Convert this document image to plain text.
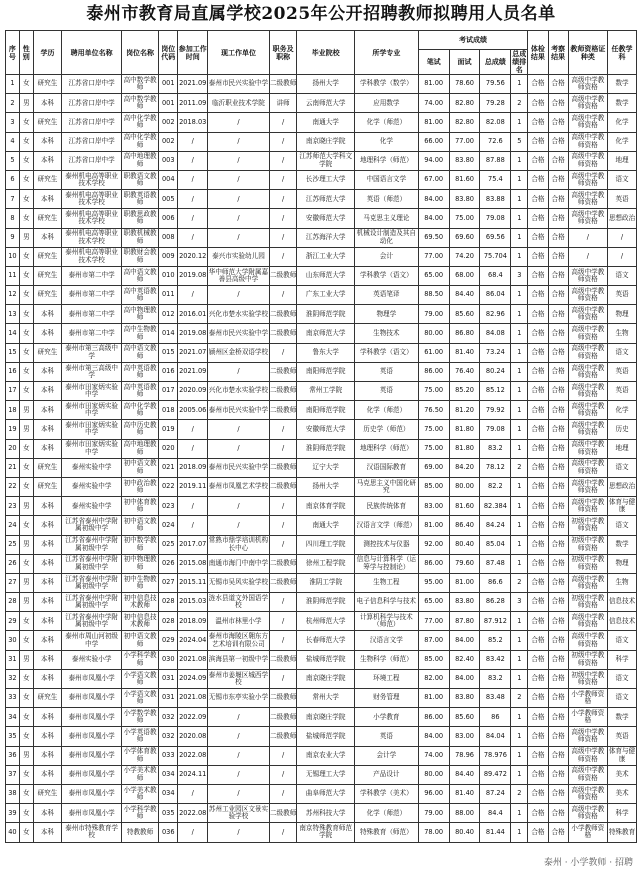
泰州市教育局直属学校2025年公开招聘教师拟聘用人员名单
序号	性别	学历	聘用单位名称	岗位名称	岗位代码	参加工作时间	现工作单位	职务及职称	毕业院校	所学专业	考试成绩				体检结果	考察结果	教师资格证种类	任教学科
											笔试	面试	总成绩	总成绩排名				
1	女	研究生	江苏省口岸中学	高中数学教师	001	2021.09	泰州市民兴实验中学	二级教师	扬州大学	学科教学（数学）	81.00	78.60	79.56	1	合格	合格	高级中学教师资格	数学
2	男	本科	江苏省口岸中学	高中数学教师	001	2011.09	临沂职业技术学院	讲师	云南师范大学	应用数学	74.00	82.80	79.28	2	合格	合格	高级中学教师资格	数学
3	女	研究生	江苏省口岸中学	高中化学教师	002	2018.03	/	/	南通大学	化学（师范）	81.00	82.80	82.08	1	合格	合格	高级中学教师资格	化学
4	女	本科	江苏省口岸中学	高中化学教师	002	/	/	/	南京晓庄学院	化学	66.00	77.00	72.6	5	合格	合格	高级中学教师资格	化学
5	女	本科	江苏省口岸中学	高中地理教师	003	/	/	/	江苏师范大学科文学院	地理科学（师范）	94.00	83.80	87.88	1	合格	合格	高级中学教师资格	地理
6	女	研究生	泰州机电高等职业技术学校	职教语文教师	004	/	/	/	长沙理工大学	中国语言文学	67.00	81.60	75.4	1	合格	合格	高级中学教师资格	语文
7	女	本科	泰州机电高等职业技术学校	职教英语教师	005	/	/	/	江苏师范大学	英语（师范）	84.00	83.80	83.88	1	合格	合格	高级中学教师资格	英语
8	女	研究生	泰州机电高等职业技术学校	职教思政教师	006	/	/	/	安徽师范大学	马克思主义理论	84.00	75.00	79.08	1	合格	合格	高级中学教师资格	思想政治
9	男	本科	泰州机电高等职业技术学校	职教机械教师	008	/	/	/	江苏海洋大学	机械设计制造及其自动化	69.50	69.60	69.56	1	合格	合格	/	/
10	女	研究生	泰州机电高等职业技术学校	职教财会教师	009	2020.12	泰兴市实验幼儿园	/	浙江工业大学	会计	77.00	74.20	75.704	1	合格	合格	/	/
11	女	研究生	泰州市第二中学	高中语文教师	010	2019.08	华中师范大学附属嘉善县高级中学	二级教师	山东师范大学	学科教学（语文）	65.00	68.00	68.4	3	合格	合格	高级中学教师资格	语文
12	女	研究生	泰州市第二中学	高中英语教师	011	/	/	/	广东工业大学	英语笔译	88.50	84.40	86.04	1	合格	合格	高级中学教师资格	英语
13	女	本科	泰州市第二中学	高中物理教师	012	2016.01	兴化市楚水实验学校	二级教师	淮阴师范学院	物理学	79.00	85.60	82.96	1	合格	合格	高级中学教师资格	物理
14	女	本科	泰州市第二中学	高中生物教师	014	2019.08	泰州市民兴实验中学	二级教师	南京师范大学	生物技术	80.00	86.80	84.08	1	合格	合格	高级中学教师资格	生物
15	女	研究生	泰州市第三高级中学	高中语文教师	015	2021.07	颍州区金桥双语学校	/	鲁东大学	学科教学（语文）	61.00	81.40	73.24	1	合格	合格	高级中学教师资格	语文
16	女	本科	泰州市第三高级中学	高中英语教师	016	2021.09	/	二级教师	南阳师范学院	英语	86.00	76.40	80.24	1	合格	合格	高级中学教师资格	英语
17	女	本科	泰州市田家炳实验中学	高中英语教师	017	2020.09	兴化市楚水实验学校	二级教师	常州工学院	英语	75.00	85.20	85.12	1	合格	合格	高级中学教师资格	英语
18	男	本科	泰州市田家炳实验中学	高中化学教师	018	2005.06	泰州市民兴实验中学	二级教师	南阳师范学院	化学（师范）	76.50	81.20	79.92	1	合格	合格	高级中学教师资格	化学
19	男	本科	泰州市田家炳实验中学	高中历史教师	019	/	/	/	安徽师范大学	历史学（师范）	75.00	81.80	79.08	1	合格	合格	高级中学教师资格	历史
20	女	本科	泰州市田家炳实验中学	高中地理教师	020	/	/	/	淮阴师范学院	地理科学（师范）	75.00	81.80	83.2	1	合格	合格	高级中学教师资格	地理
21	女	研究生	泰州实验中学	初中语文教师	021	2018.09	泰州市民兴实验中学	二级教师	辽宁大学	汉语国际教育	69.00	84.20	78.12	2	合格	合格	高级中学教师资格	语文
22	女	研究生	泰州实验中学	初中政治教师	022	2019.11	泰州市凤凰艺术学校	二级教师	扬州大学	马克思主义中国化研究	85.00	80.00	82.2	1	合格	合格	高级中学教师资格	思想政治
23	男	本科	泰州实验中学	初中体育教师	023	/	/	/	南京体育学院	民族传统体育	83.00	81.60	82.384	1	合格	合格	高级中学教师资格	体育与健康
24	女	本科	江苏省泰州中学附属初级中学	初中语文教师	024	/	/	/	南通大学	汉语言文学（师范）	81.00	86.40	84.24	1	合格	合格	初级中学教师资格	语文
25	男	本科	江苏省泰州中学附属初级中学	初中数学教师	025	2017.07	常熟市鼎学培训机构长中心	/	四川理工学院	测控技术与仪器	92.00	80.40	85.04	1	合格	合格	初级中学教师资格	数学
26	女	本科	江苏省泰州中学附属初级中学	初中物理教师	026	2015.08	南通市海门中南中学	二级教师	徐州工程学院	信息与计算科学（运筹学与控制论）	86.00	79.60	87.48	1	合格	合格	初级中学教师资格	物理
27	男	本科	江苏省泰州中学附属初级中学	初中生物教师	027	2015.11	无锡市吴风实验学校	二级教师	淮阴工学院	生物工程	95.00	81.00	86.6	2	合格	合格	高级中学教师资格	生物
28	男	本科	江苏省泰州中学附属初级中学	初中信息技术教师	028	2015.03	涟水县道文外国语学校	/	淮阴师范学院	电子信息科学与技术	65.00	83.80	86.28	3	合格	合格	初级中学教师资格	信息技术
29	女	本科	江苏省泰州中学附属初级中学	初中信息技术教师	028	2018.09	温州市林里小学	/	杭州师范大学	计算机科学与技术（师范）	77.00	87.80	87.912	1	合格	合格	高级中学教师资格	信息技术
30	女	本科	泰州市周山河初级中学	初中语文教师	029	2024.04	泰州市海陵区翱东方艺术培训有限公司	/	长春师范大学	汉语言文学	87.00	84.00	85.2	1	合格	合格	高级中学教师资格	语文
31	男	本科	泰州实验小学	小学科学教师	030	2021.08	滨海县第一初级中学	二级教师	盐城师范学院	生物科学（师范）	85.00	82.40	83.42	1	合格	合格	初级中学教师资格	科学
32	女	本科	泰州市凤凰小学	小学语文教师	031	2024.09	泰州市姜堰区城西学校	/	南京晓庄学院	环境工程	82.00	84.00	83.2	1	合格	合格	初级中学教师资格	语文
33	女	研究生	泰州市凤凰小学	小学语文教师	031	2021.08	无锡市东亭实验小学	二级教师	常州大学	财务管理	81.00	83.80	83.48	2	合格	合格	小学教师资格	语文
34	女	本科	泰州市凤凰小学	小学数学教师	032	2022.09	/	二级教师	南京晓庄学院	小学教育	86.00	85.60	86	1	合格	合格	小学教师资格	数学
35	女	本科	泰州市凤凰小学	小学英语教师	032	2020.08	/	二级教师	盐城师范学院	英语	84.00	83.00	84.04	1	合格	合格	高级中学教师资格	英语
36	男	本科	泰州市凤凰小学	小学体育教师	033	2022.08	/	/	南京农业大学	会计学	74.00	78.96	78.976	1	合格	合格	高级中学教师资格	体育与健康
37	女	本科	泰州市凤凰小学	小学美术教师	034	2024.11	/	/	无锡理工大学	产品设计	80.00	84.40	89.472	1	合格	合格	高级中学教师资格	美术
38	女	研究生	泰州市凤凰小学	小学美术教师	034	/	/	/	曲阜师范大学	学科教学（美术）	96.00	81.40	87.24	2	合格	合格	高级中学教师资格	美术
39	女	本科	泰州市凤凰小学	小学科学教师	035	2022.08	苏州工业园区文景实验学校	二级教师	苏州科技大学	化学（师范）	79.00	88.00	84.4	1	合格	合格	高级中学教师资格	科学
40	女	本科	泰州市特殊教育学校	特教教师	036	/	/	/	南京特殊教育师范学院	特殊教育（师范）	78.00	80.40	81.44	1	合格	合格	小学教师资格	特殊教育
泰州 · 小学教师 · 招聘
